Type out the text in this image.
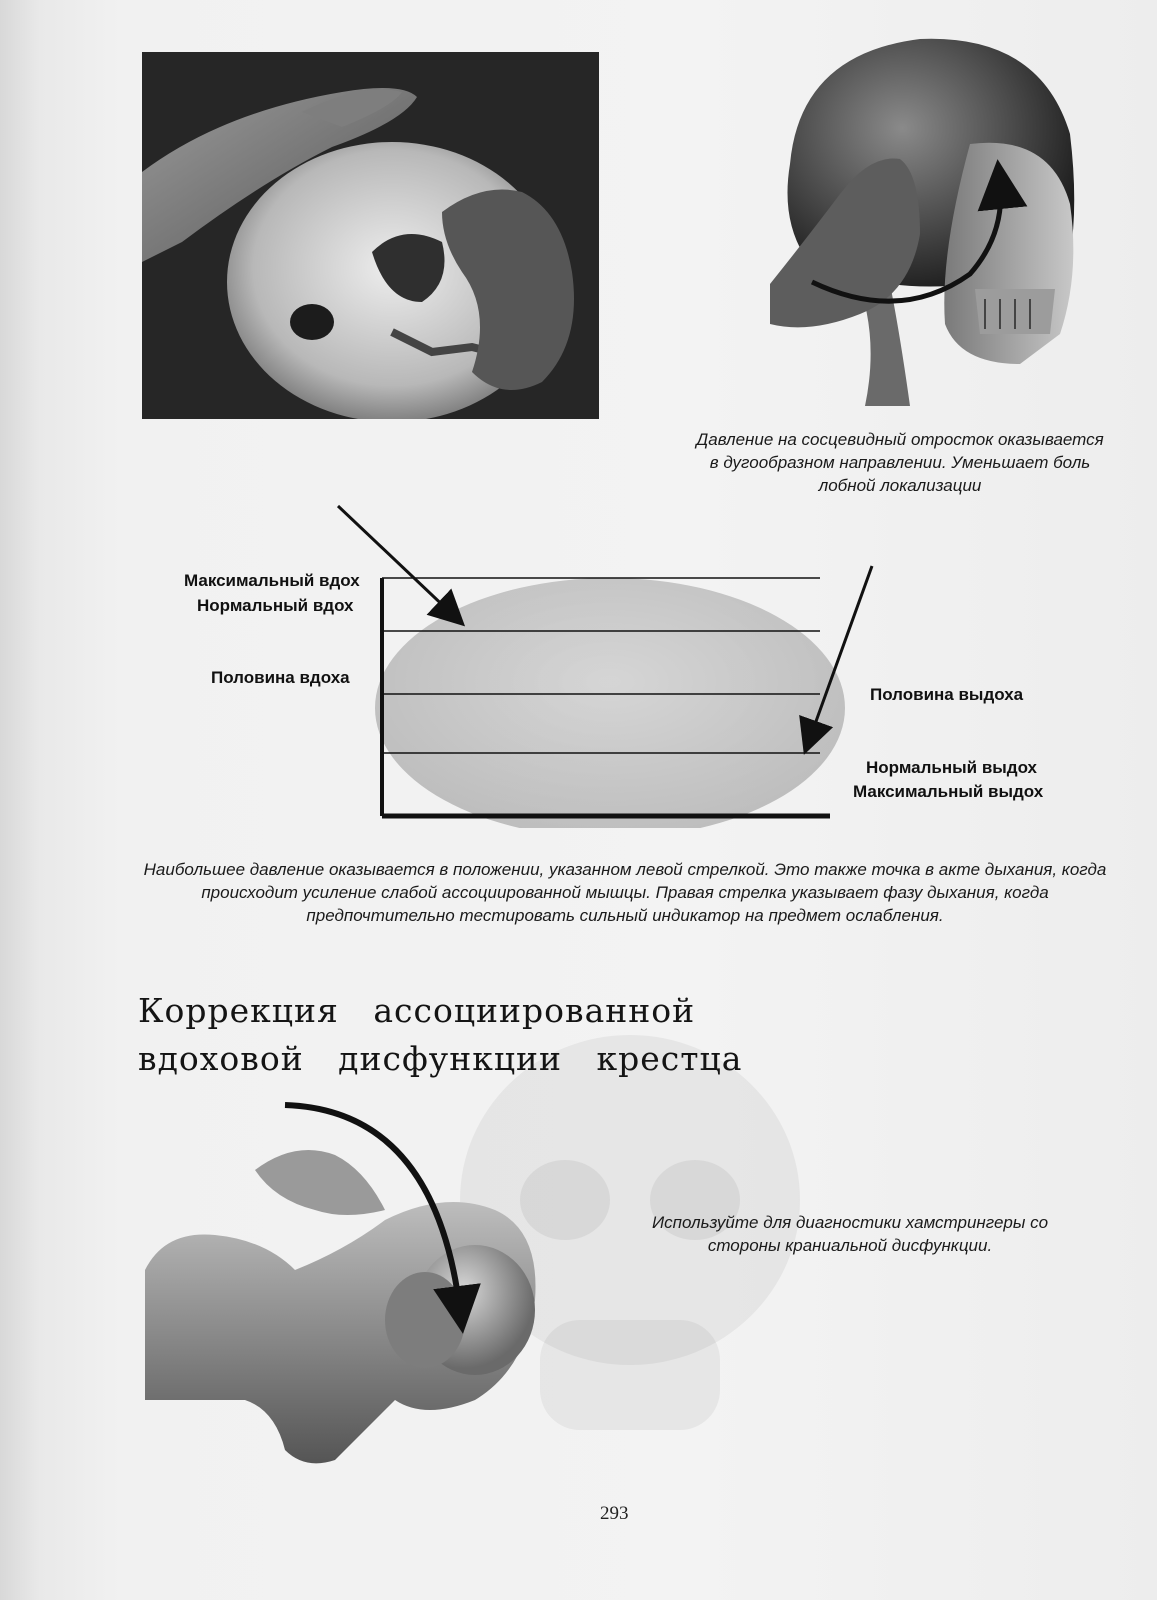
Давление на сосцевидный отросток оказывается в дугообразном направлении. Уменьшает боль лобной локализации
Максимальный вдох
Нормальный вдох
Половина вдоха
Половина выдоха
Нормальный выдох
Максимальный выдох
Наибольшее давление оказывается в положении, указанном левой стрелкой. Это также точка в акте дыхания, когда происходит усиление слабой ассоциированной мышцы. Правая стрелка указывает фазу дыхания, когда предпочтительно тестировать сильный индикатор на предмет ослабления.
Коррекция   ассоциированной
вдоховой   дисфункции   крестца
Используйте для диагностики хамстрингеры со стороны краниальной дисфункции.
293
